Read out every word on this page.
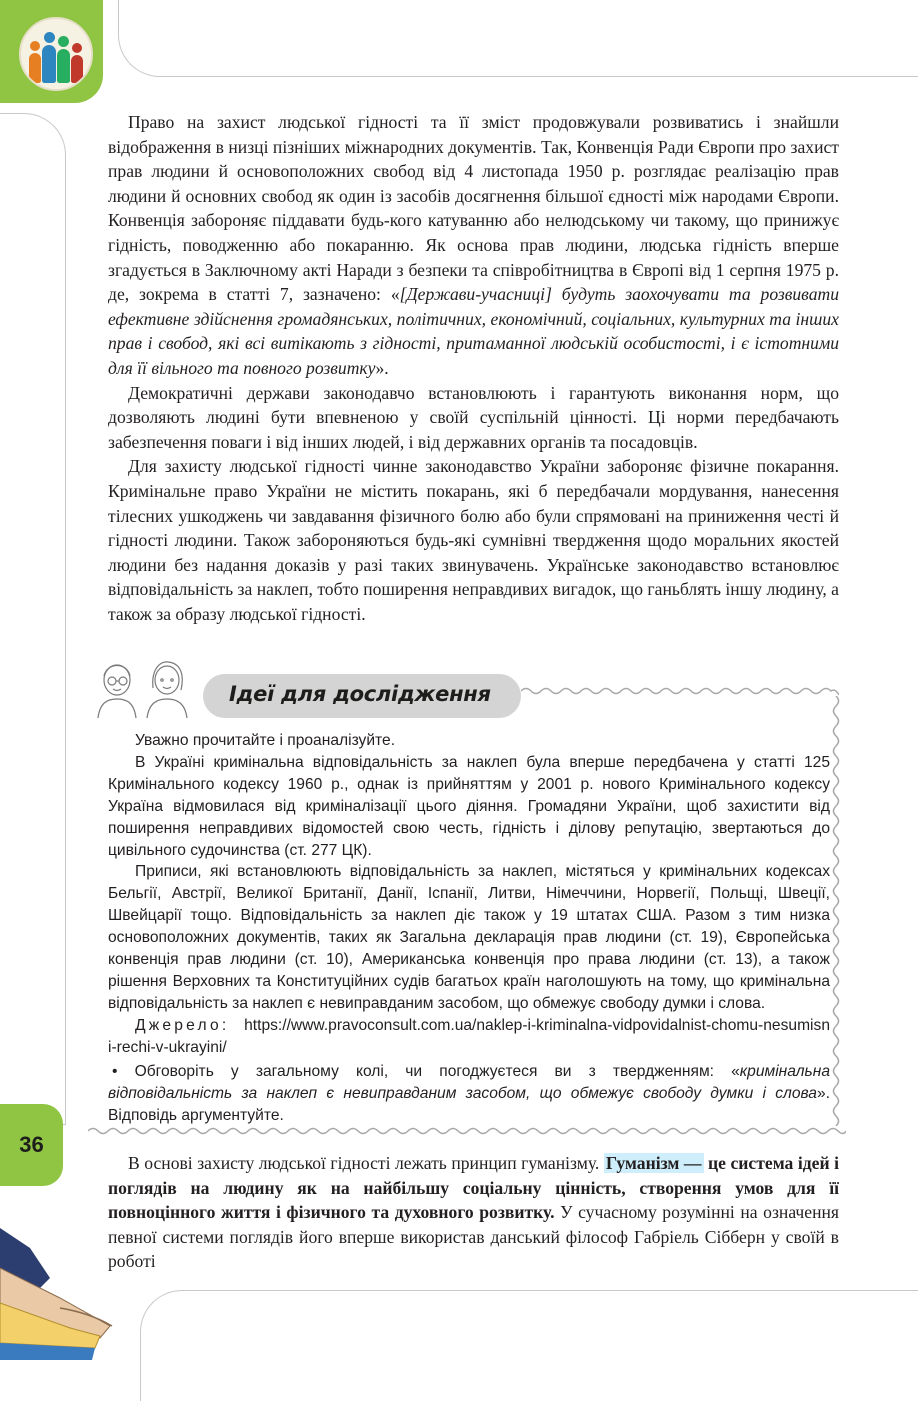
36

Право на захист людської гідності та її зміст продовжували розвиватись і знайшли відображення в низці пізніших міжнародних документів. Так, Конвенція Ради Європи про захист прав людини й основоположних свобод від 4 листопада 1950 р. розглядає реалізацію прав людини й основних свобод як один із засобів досягнення більшої єдності між народами Європи. Конвенція забороняє піддавати будь-кого катуванню або нелюдському чи такому, що принижує гідність, поводженню або покаранню. Як основа прав людини, людська гідність вперше згадується в Заключному акті Наради з безпеки та співробітництва в Європі від 1 серпня 1975 р. де, зокрема в статті 7, зазначено: «[Держави-учасниці] будуть заохочувати та розвивати ефективне здійснення громадянських, політичних, економічний, соціальних, культурних та інших прав і свобод, які всі витікають з гідності, притаманної людській особистості, і є істотними для її вільного та повного розвитку».

Демократичні держави законодавчо встановлюють і гарантують виконання норм, що дозволяють людині бути впевненою у своїй суспільній цінності. Ці норми передбачають забезпечення поваги і від інших людей, і від державних органів та посадовців.

Для захисту людської гідності чинне законодавство України забороняє фізичне покарання. Кримінальне право України не містить покарань, які б передбачали мордування, нанесення тілесних ушкоджень чи завдавання фізичного болю або були спрямовані на приниження честі й гідності людини. Також забороняються будь-які сумнівні твердження щодо моральних якостей людини без надання доказів у разі таких звинувачень. Українське законодавство встановлює відповідальність за наклеп, тобто поширення неправдивих вигадок, що ганьблять іншу людину, а також за образу людської гідності.

Ідеї для дослідження

Уважно прочитайте і проаналізуйте.

В Україні кримінальна відповідальність за наклеп була вперше передбачена у статті 125 Кримінального кодексу 1960 р., однак із прийняттям у 2001 р. нового Кримінального кодексу Україна відмовилася від криміналізації цього діяння. Громадяни України, щоб захистити від поширення неправдивих відомостей свою честь, гідність і ділову репутацію, звертаються до цивільного судочинства (ст. 277 ЦК).

Приписи, які встановлюють відповідальність за наклеп, містяться у кримінальних кодексах Бельгії, Австрії, Великої Британії, Данії, Іспанії, Литви, Німеччини, Норвегії, Польщі, Швеції, Швейцарії тощо. Відповідальність за наклеп діє також у 19 штатах США. Разом з тим низка основоположних документів, таких як Загальна декларація прав людини (ст. 19), Європейська конвенція прав людини (ст. 10), Американська конвенція про права людини (ст. 13), а також рішення Верховних та Конституційних судів багатьох країн наголошують на тому, що кримінальна відповідальність за наклеп є невиправданим засобом, що обмежує свободу думки і слова.

Джерело: https://www.pravoconsult.com.ua/naklep-i-kriminalna-vidpovidalnist-chomu-nesumisni-rechi-v-ukrayini/

• Обговоріть у загальному колі, чи погоджуєтеся ви з твердженням: «кримінальна відповідальність за наклеп є невиправданим засобом, що обмежує свободу думки і слова». Відповідь аргументуйте.

В основі захисту людської гідності лежать принцип гуманізму. Гуманізм — це система ідей і поглядів на людину як на найбільшу соціальну цінність, створення умов для її повноцінного життя і фізичного та духовного розвитку. У сучасному розумінні на означення певної системи поглядів його вперше використав данський філософ Габріель Сібберн у своїй в роботі
